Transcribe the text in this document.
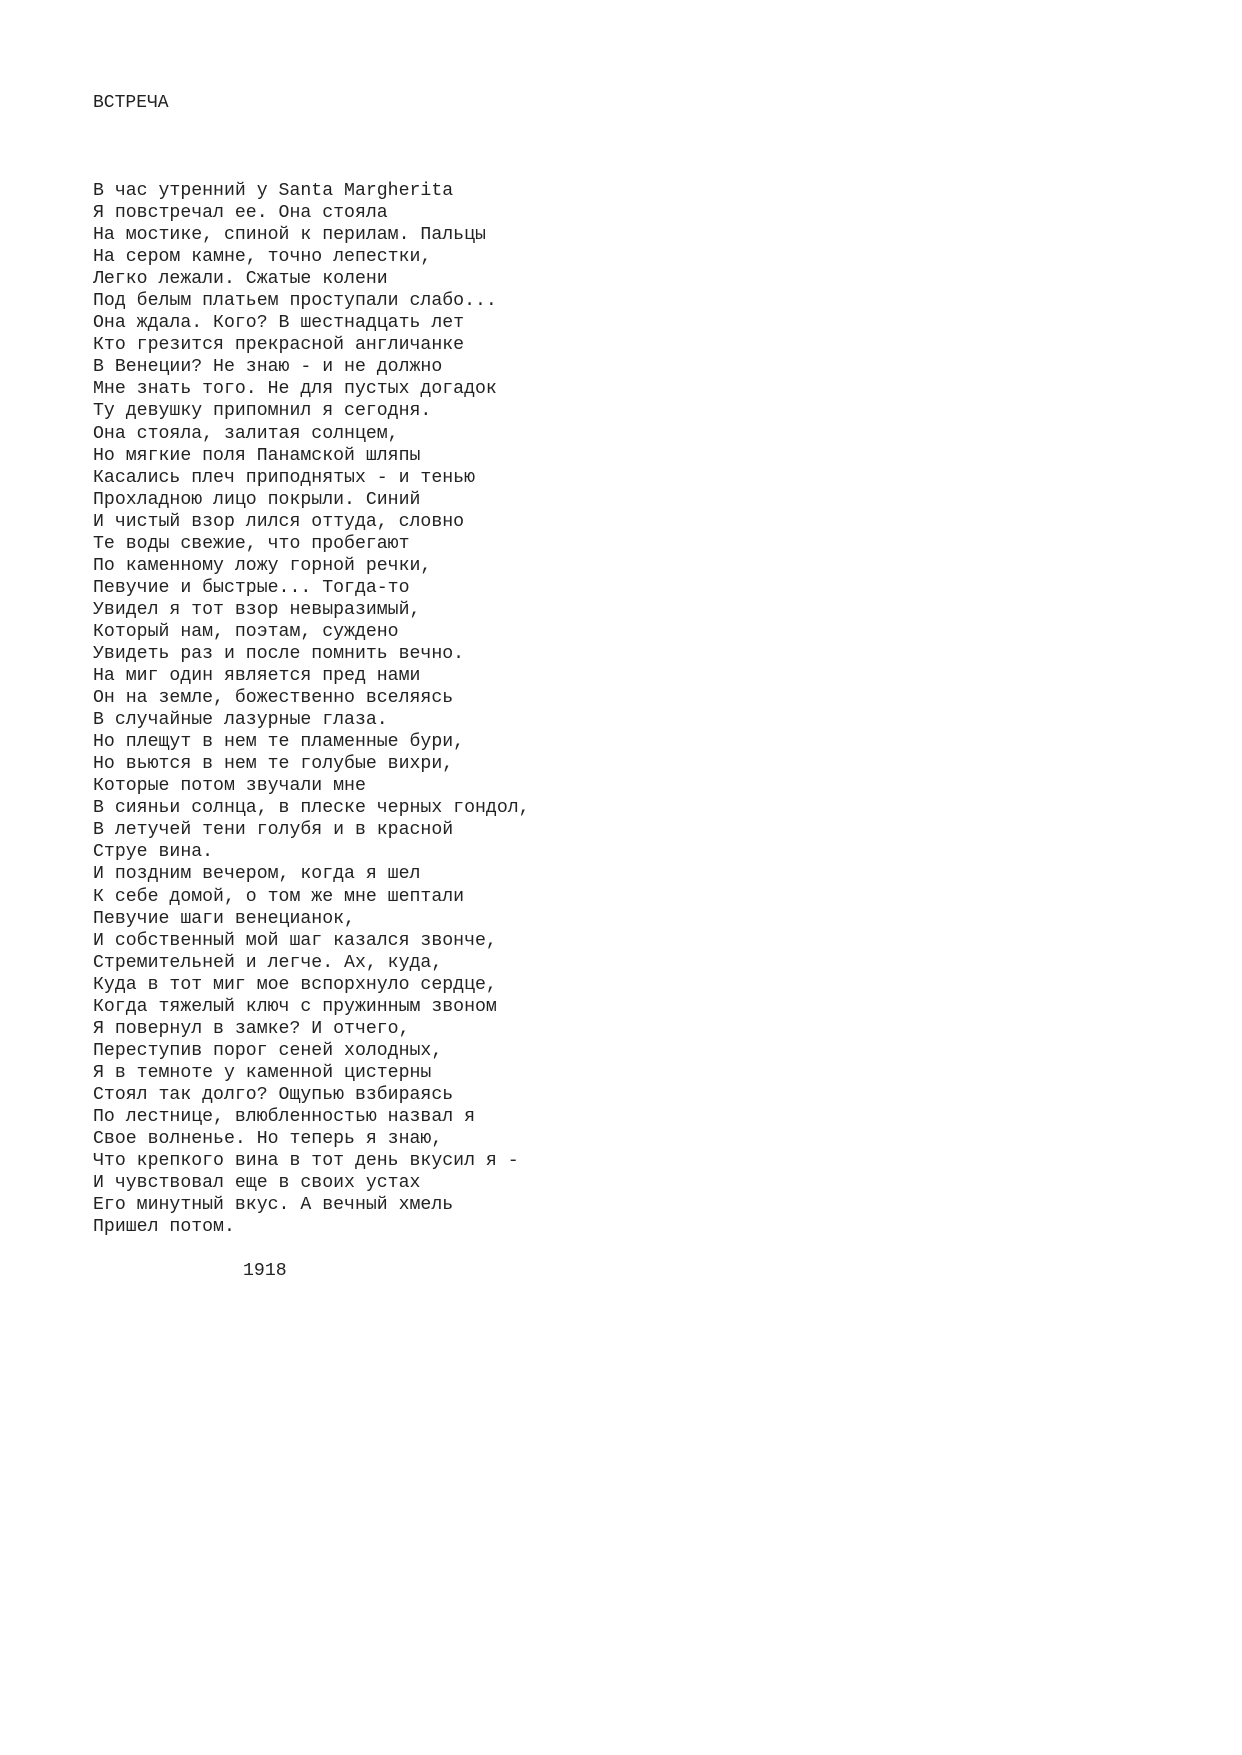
ВСТРЕЧА
В час утренний у Santa Margherita
Я повстречал ее. Она стояла
На мостике, спиной к перилам. Пальцы
На сером камне, точно лепестки,
Легко лежали. Сжатые колени
Под белым платьем проступали слабо...
Она ждала. Кого? В шестнадцать лет
Кто грезится прекрасной англичанке
В Венеции? Не знаю - и не должно
Мне знать того. Не для пустых догадок
Ту девушку припомнил я сегодня.
Она стояла, залитая солнцем,
Но мягкие поля Панамской шляпы
Касались плеч приподнятых - и тенью
Прохладною лицо покрыли. Синий
И чистый взор лился оттуда, словно
Те воды свежие, что пробегают
По каменному ложу горной речки,
Певучие и быстрые... Тогда-то
Увидел я тот взор невыразимый,
Который нам, поэтам, суждено
Увидеть раз и после помнить вечно.
На миг один является пред нами
Он на земле, божественно вселяясь
В случайные лазурные глаза.
Но плещут в нем те пламенные бури,
Но вьются в нем те голубые вихри,
Которые потом звучали мне
В сияньи солнца, в плеске черных гондол,
В летучей тени голубя и в красной
Струе вина.
И поздним вечером, когда я шел
К себе домой, о том же мне шептали
Певучие шаги венецианок,
И собственный мой шаг казался звонче,
Стремительней и легче. Ах, куда,
Куда в тот миг мое вспорхнуло сердце,
Когда тяжелый ключ с пружинным звоном
Я повернул в замке? И отчего,
Переступив порог сеней холодных,
Я в темноте у каменной цистерны
Стоял так долго? Ощупью взбираясь
По лестнице, влюбленностью назвал я
Свое волненье. Но теперь я знаю,
Что крепкого вина в тот день вкусил я -
И чувствовал еще в своих устах
Его минутный вкус. А вечный хмель
Пришел потом.

1918
